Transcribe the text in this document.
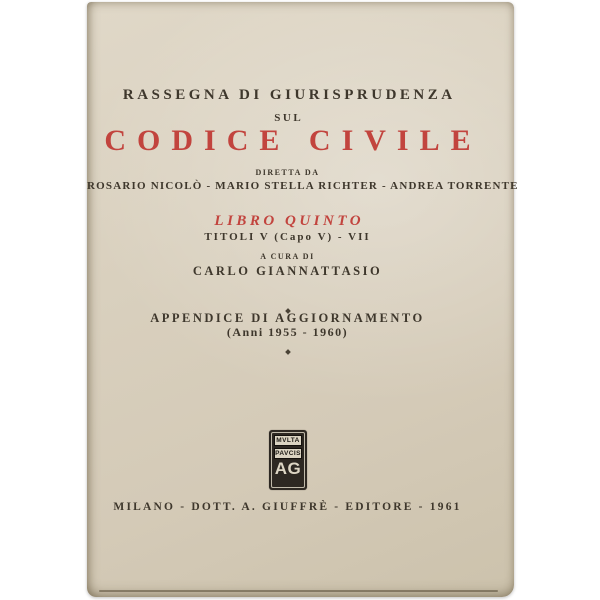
RASSEGNA DI GIURISPRUDENZA
SUL
CODICE CIVILE
DIRETTA DA
ROSARIO NICOLÒ - MARIO STELLA RICHTER - ANDREA TORRENTE
LIBRO QUINTO
TITOLI V (Capo V) - VII
A CURA DI
CARLO GIANNATTASIO
APPENDICE DI AGGIORNAMENTO
(Anni 1955 - 1960)
MVLTA
PAVCIS
AG
MILANO - DOTT. A. GIUFFRÈ - EDITORE - 1961
